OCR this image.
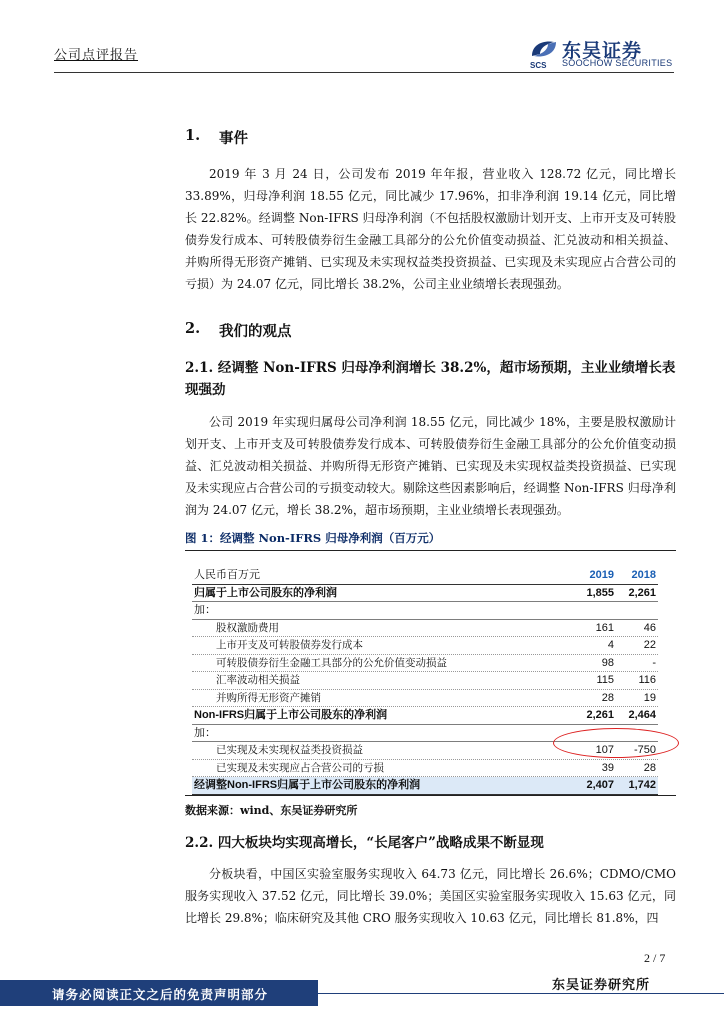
公司点评报告	东吴证券
SCS SOOCHOW SECURITIES
1. 事件

2019 年 3 月 24 日，公司发布 2019 年年报，营业收入 128.72 亿元，同比增长 33.89%，归母净利润 18.55 亿元，同比减少 17.96%，扣非净利润 19.14 亿元，同比增长 22.82%。经调整 Non-IFRS 归母净利润（不包括股权激励计划开支、上市开支及可转股债券发行成本、可转股债券衍生金融工具部分的公允价值变动损益、汇兑波动和相关损益、并购所得无形资产摊销、已实现及未实现权益类投资损益、已实现及未实现应占合营公司的亏损）为 24.07 亿元，同比增长 38.2%，公司主业业绩增长表现强劲。

2. 我们的观点
2.1. 经调整 Non-IFRS 归母净利润增长 38.2%，超市场预期，主业业绩增长表现强劲

公司 2019 年实现归属母公司净利润 18.55 亿元，同比减少 18%，主要是股权激励计划开支、上市开支及可转股债券发行成本、可转股债券衍生金融工具部分的公允价值变动损益、汇兑波动相关损益、并购所得无形资产摊销、已实现及未实现权益类投资损益、已实现及未实现应占合营公司的亏损变动较大。剔除这些因素影响后，经调整 Non-IFRS 归母净利润为 24.07 亿元，增长 38.2%，超市场预期，主业业绩增长表现强劲。

图 1：经调整 Non-IFRS 归母净利润（百万元）
人民币百万元	2019	2018
归属于上市公司股东的净利润	1,855	2,261
加：
股权激励费用	161	46
上市开支及可转股债券发行成本	4	22
可转股债券衍生金融工具部分的公允价值变动损益	98	-
汇率波动相关损益	115	116
并购所得无形资产摊销	28	19
Non-IFRS归属于上市公司股东的净利润	2,261	2,464
加：
已实现及未实现权益类投资损益	107	-750
已实现及未实现应占合营公司的亏损	39	28
经调整Non-IFRS归属于上市公司股东的净利润	2,407	1,742
数据来源：wind、东吴证券研究所
2.2. 四大板块均实现高增长，“长尾客户”战略成果不断显现

分板块看，中国区实验室服务实现收入 64.73 亿元，同比增长 26.6%；CDMO/CMO 服务实现收入 37.52 亿元，同比增长 39.0%；美国区实验室服务实现收入 15.63 亿元，同比增长 29.8%；临床研究及其他 CRO 服务实现收入 10.63 亿元，同比增长 81.8%，四

2 / 7
请务必阅读正文之后的免责声明部分
东吴证券研究所
